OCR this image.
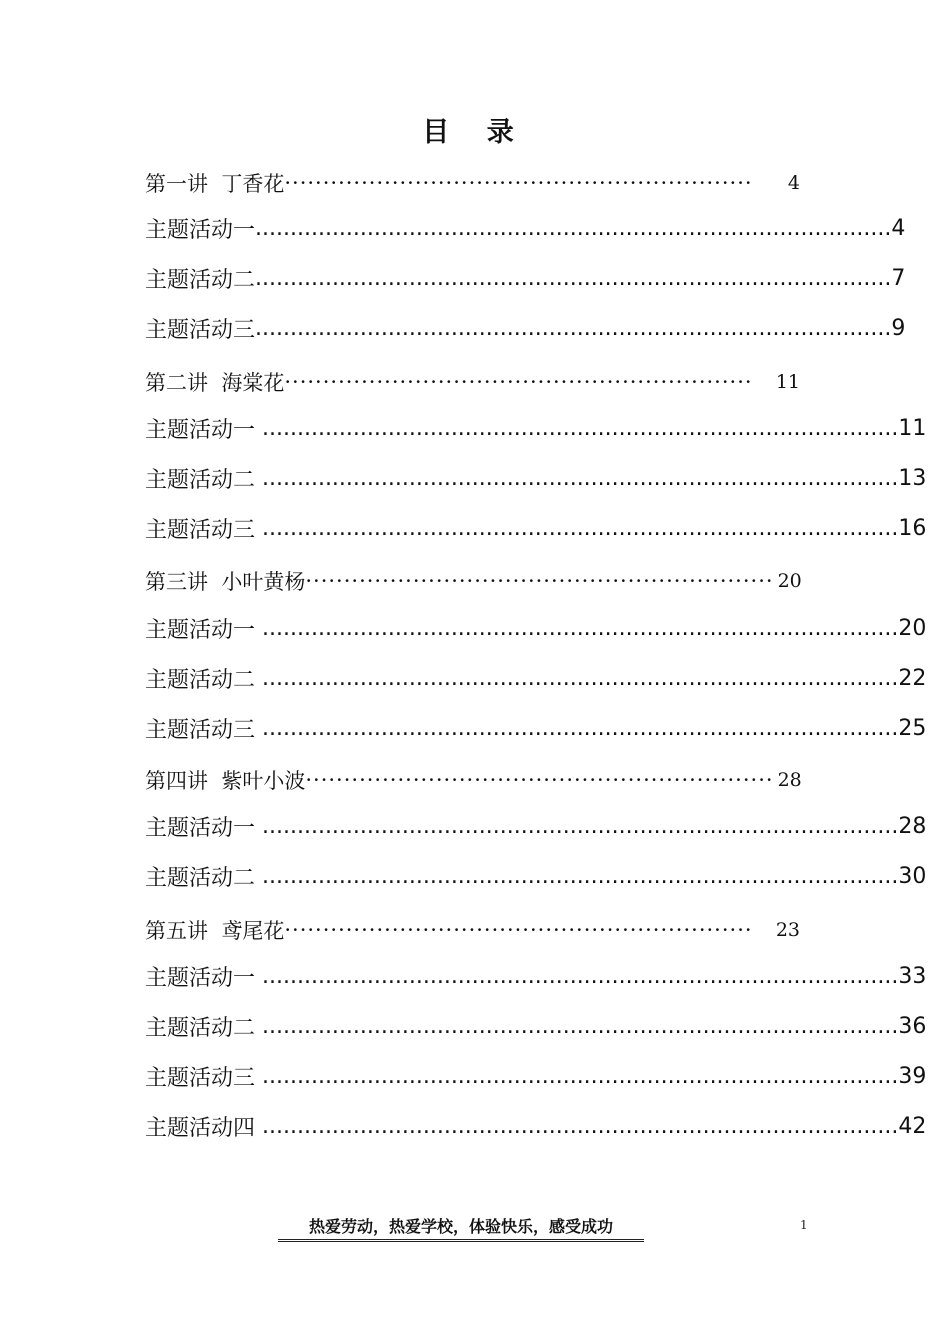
目 录
第一讲  丁香花 ·····························································	4
主题活动一 ........................................................................................... 4
主题活动二 ........................................................................................... 7
主题活动三 ........................................................................................... 9
第二讲  海棠花 ·····························································	11
主题活动一 ........................................................................................... 11
主题活动二 ........................................................................................... 13
主题活动三 ........................................................................................... 16
第三讲  小叶黄杨 ····························································· 20
主题活动一 ........................................................................................... 20
主题活动二 ........................................................................................... 22
主题活动三 ........................................................................................... 25
第四讲  紫叶小波 ····························································· 28
主题活动一 ........................................................................................... 28
主题活动二 ........................................................................................... 30
第五讲  鸢尾花 ·····························································	23
主题活动一 ........................................................................................... 33
主题活动二 ........................................................................................... 36
主题活动三 ........................................................................................... 39
主题活动四 ........................................................................................... 42
热爱劳动，热爱学校，体验快乐，感受成功	1
